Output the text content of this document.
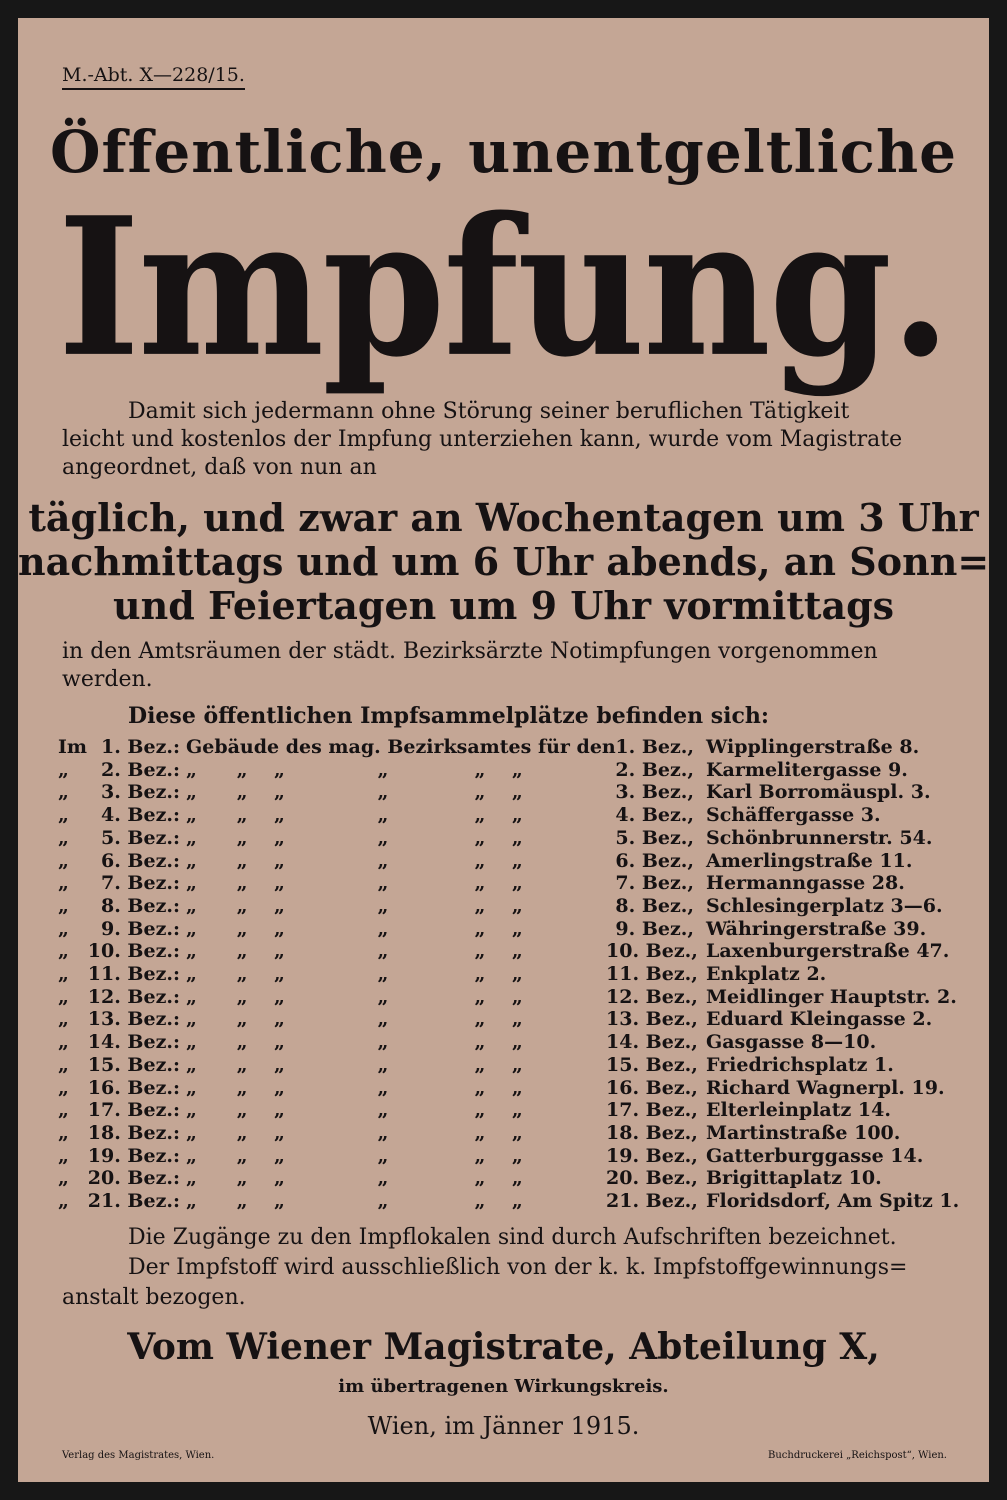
M.-Abt. X—228/15.
Öffentliche, unentgeltliche
Impfung.
Damit sich jedermann ohne Störung seiner beruflichen Tätigkeit
leicht und kostenlos der Impfung unterziehen kann, wurde vom Magistrate
angeordnet, daß von nun an
täglich, und zwar an Wochentagen um 3 Uhr
nachmittags und um 6 Uhr abends, an Sonn=
und Feiertagen um 9 Uhr vormittags
in den Amtsräumen der städt. Bezirksärzte Notimpfungen vorgenommen
werden.
Diese öffentlichen Impfsammelplätze befinden sich:
Im 1. Bez.: Gebäude des mag. Bezirksamtes für den 1. Bez., Wipplingerstraße 8.
„	2. Bez.: „      „    „              „             „    „	2. Bez., Karmelitergasse 9.
„	3. Bez.: „      „    „              „             „    „	3. Bez., Karl Borromäuspl. 3.
„	4. Bez.: „      „    „              „             „    „	4. Bez., Schäffergasse 3.
„	5. Bez.: „      „    „              „             „    „	5. Bez., Schönbrunnerstr. 54.
„	6. Bez.: „      „    „              „             „    „	6. Bez., Amerlingstraße 11.
„	7. Bez.: „      „    „              „             „    „	7. Bez., Hermanngasse 28.
„	8. Bez.: „      „    „              „             „    „	8. Bez., Schlesingerplatz 3—6.
„	9. Bez.: „      „    „              „             „    „	9. Bez., Währingerstraße 39.
„ 10. Bez.: „      „    „              „             „    „	10. Bez., Laxenburgerstraße 47.
„ 11. Bez.: „      „    „              „             „    „	11. Bez., Enkplatz 2.
„ 12. Bez.: „      „    „              „             „    „	12. Bez., Meidlinger Hauptstr. 2.
„ 13. Bez.: „      „    „              „             „    „	13. Bez., Eduard Kleingasse 2.
„ 14. Bez.: „      „    „              „             „    „	14. Bez., Gasgasse 8—10.
„ 15. Bez.: „      „    „              „             „    „	15. Bez., Friedrichsplatz 1.
„ 16. Bez.: „      „    „              „             „    „	16. Bez., Richard Wagnerpl. 19.
„ 17. Bez.: „      „    „              „             „    „	17. Bez., Elterleinplatz 14.
„ 18. Bez.: „      „    „              „             „    „	18. Bez., Martinstraße 100.
„ 19. Bez.: „      „    „              „             „    „	19. Bez., Gatterburggasse 14.
„ 20. Bez.: „      „    „              „             „    „	20. Bez., Brigittaplatz 10.
„ 21. Bez.: „      „    „              „             „    „	21. Bez., Floridsdorf, Am Spitz 1.
Die Zugänge zu den Impflokalen sind durch Aufschriften bezeichnet.
Der Impfstoff wird ausschließlich von der k. k. Impfstoffgewinnungs=
anstalt bezogen.
Vom Wiener Magistrate, Abteilung X,
im übertragenen Wirkungskreis.
Wien, im Jänner 1915.
Verlag des Magistrates, Wien.	Buchdruckerei „Reichspost“, Wien.
